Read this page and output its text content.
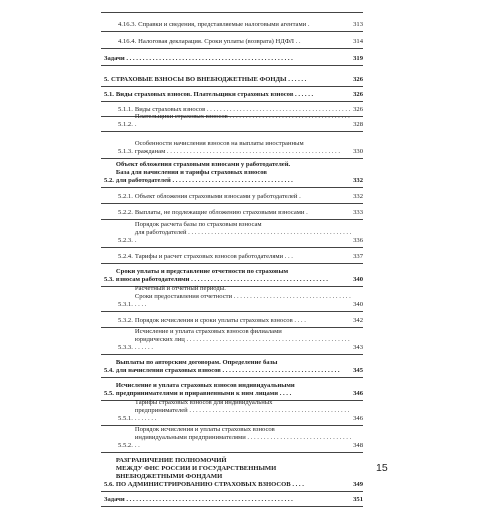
4.16.3. Справки и сведения, представляемые налоговыми агентами .	313
4.16.4. Налоговая декларация. Сроки уплаты (возврата) НДФЛ . .	314
Задачи . . . . . . . . . . . . . . . . . . . . . . . . . . . . . . . . . . . . . . . . . . . . . . . . . . .	319
5. СТРАХОВЫЕ ВЗНОСЫ ВО ВНЕБЮДЖЕТНЫЕ ФОНДЫ . . . . . .	326
5.1. Виды страховых взносов. Плательщики страховых взносов . . . . . .	326
5.1.1. Виды страховых взносов . . . . . . . . . . . . . . . . . . . . . . . . . . . . . . . . . . . . . . . . . . . . 326
5.1.2.
Плательщики страховых взносов . . . . . . . . . . . . . . . . . . . . . . . . . . . . . . . . . . . . . .	328
5.1.3.
Особенности начисления взносов на выплаты иностранным
гражданам . . . . . . . . . . . . . . . . . . . . . . . . . . . . . . . . . . . . . . . . . . . . . . . . . . . . .	330
5.2.
Объект обложения страховыми взносами у работодателей.
База для начисления и тарифы страховых взносов
для работодателей . . . . . . . . . . . . . . . . . . . . . . . . . . . . . . . . . . . . .	332
5.2.1. Объект обложения страховыми взносами у работодателей .	332
5.2.2. Выплаты, не подлежащие обложению страховыми взносами .	333
5.2.3.
Порядок расчета базы по страховым взносам
для работодателей . . . . . . . . . . . . . . . . . . . . . . . . . . . . . . . . . . . . . . . . . . . . . . . . . . .	336
5.2.4. Тарифы и расчет страховых взносов работодателями . . .	337
5.3.
Сроки уплаты и представление отчетности по страховым
взносам работодателями . . . . . . . . . . . . . . . . . . . . . . . . . . . . . . . . . . . . . . . . . .	340
5.3.1.
Расчетный и отчетный периоды.
Сроки предоставления отчетности . . . . . . . . . . . . . . . . . . . . . . . . . . . . . . . . . . . . . . . .	340
5.3.2. Порядок исчисления и сроки уплаты страховых взносов . . . .	342
5.3.3.
Исчисление и уплата страховых взносов филиалами
юридических лиц . . . . . . . . . . . . . . . . . . . . . . . . . . . . . . . . . . . . . . . . . . . . . . . . . . . . . . . .	343
5.4.
Выплаты по авторским договорам. Определение базы
для начисления страховых взносов . . . . . . . . . . . . . . . . . . . . . . . . . . . . . . . . . . . .	345
5.5.
Исчисление и уплата страховых взносов индивидуальными
предпринимателями и приравненными к ним лицами . . . .	346
5.5.1.
Тарифы страховых взносов для индивидуальных
предпринимателей . . . . . . . . . . . . . . . . . . . . . . . . . . . . . . . . . . . . . . . . . . . . . . . . . . . . . . . .	346
5.5.2.
Порядок исчисления и уплаты страховых взносов
индивидуальными предпринимателями . . . . . . . . . . . . . . . . . . . . . . . . . . . . . . . . . .	348
5.6.
РАЗГРАНИЧЕНИЕ ПОЛНОМОЧИЙ
МЕЖДУ ФНС РОССИИ И ГОСУДАРСТВЕННЫМИ
ВНЕБЮДЖЕТНЫМИ ФОНДАМИ
ПО АДМИНИСТРИРОВАНИЮ СТРАХОВЫХ ВЗНОСОВ . . . .	349
Задачи . . . . . . . . . . . . . . . . . . . . . . . . . . . . . . . . . . . . . . . . . . . . . . . . . . .	351
15
